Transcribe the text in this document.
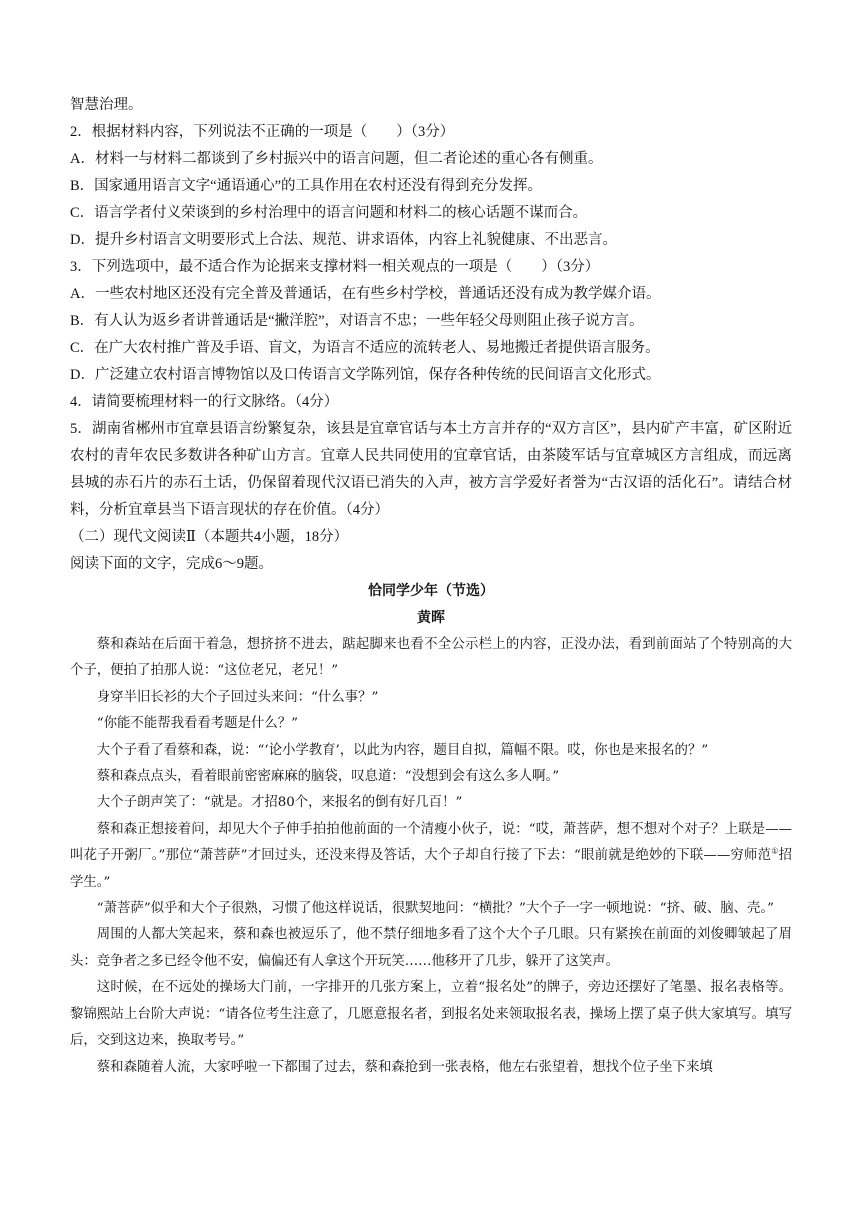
智慧治理。

2．根据材料内容，下列说法不正确的一项是（　　）（3分）

A．材料一与材料二都谈到了乡村振兴中的语言问题，但二者论述的重心各有侧重。

B．国家通用语言文字“通语通心”的工具作用在农村还没有得到充分发挥。

C．语言学者付义荣谈到的乡村治理中的语言问题和材料二的核心话题不谋而合。

D．提升乡村语言文明要形式上合法、规范、讲求语体，内容上礼貌健康、不出恶言。

3．下列选项中，最不适合作为论据来支撑材料一相关观点的一项是（　　）（3分）

A．一些农村地区还没有完全普及普通话，在有些乡村学校，普通话还没有成为教学媒介语。

B．有人认为返乡者讲普通话是“撇洋腔”，对语言不忠；一些年轻父母则阻止孩子说方言。

C．在广大农村推广普及手语、盲文，为语言不适应的流转老人、易地搬迁者提供语言服务。

D．广泛建立农村语言博物馆以及口传语言文学陈列馆，保存各种传统的民间语言文化形式。

4．请简要梳理材料一的行文脉络。（4分）

5．湖南省郴州市宜章县语言纷繁复杂，该县是宜章官话与本土方言并存的“双方言区”，县内矿产丰富，矿区附近农村的青年农民多数讲各种矿山方言。宜章人民共同使用的宜章官话，由茶陵军话与宜章城区方言组成，而远离县城的赤石片的赤石土话，仍保留着现代汉语已消失的入声，被方言学爱好者誉为“古汉语的活化石”。请结合材料，分析宜章县当下语言现状的存在价值。（4分）

（二）现代文阅读Ⅱ（本题共4小题，18分）

阅读下面的文字，完成6～9题。

恰同学少年（节选）

黄晖

蔡和森站在后面干着急，想挤挤不进去，踮起脚来也看不全公示栏上的内容，正没办法，看到前面站了个特别高的大个子，便拍了拍那人说：“这位老兄，老兄！”

身穿半旧长衫的大个子回过头来问：“什么事？”

“你能不能帮我看看考题是什么？”

大个子看了看蔡和森，说：“‘论小学教育’，以此为内容，题目自拟，篇幅不限。哎，你也是来报名的？”

蔡和森点点头，看着眼前密密麻麻的脑袋，叹息道：“没想到会有这么多人啊。”

大个子朗声笑了：“就是。才招80个，来报名的倒有好几百！”

蔡和森正想接着问，却见大个子伸手拍拍他前面的一个清瘦小伙子，说：“哎，萧菩萨，想不想对个对子？上联是——叫花子开粥厂。”那位“萧菩萨”才回过头，还没来得及答话，大个子却自行接了下去：“眼前就是绝妙的下联——穷师范①招学生。”

“萧菩萨”似乎和大个子很熟，习惯了他这样说话，很默契地问：“横批？”大个子一字一顿地说：“挤、破、脑、壳。”

周围的人都大笑起来，蔡和森也被逗乐了，他不禁仔细地多看了这个大个子几眼。只有紧挨在前面的刘俊卿皱起了眉头：竞争者之多已经令他不安，偏偏还有人拿这个开玩笑……他移开了几步，躲开了这笑声。

这时候，在不远处的操场大门前，一字排开的几张方案上，立着“报名处”的牌子，旁边还摆好了笔墨、报名表格等。黎锦熙站上台阶大声说：“请各位考生注意了，几愿意报名者，到报名处来领取报名表，操场上摆了桌子供大家填写。填写后，交到这边来，换取考号。”

蔡和森随着人流，大家呼啦一下都围了过去，蔡和森抢到一张表格，他左右张望着，想找个位子坐下来填
